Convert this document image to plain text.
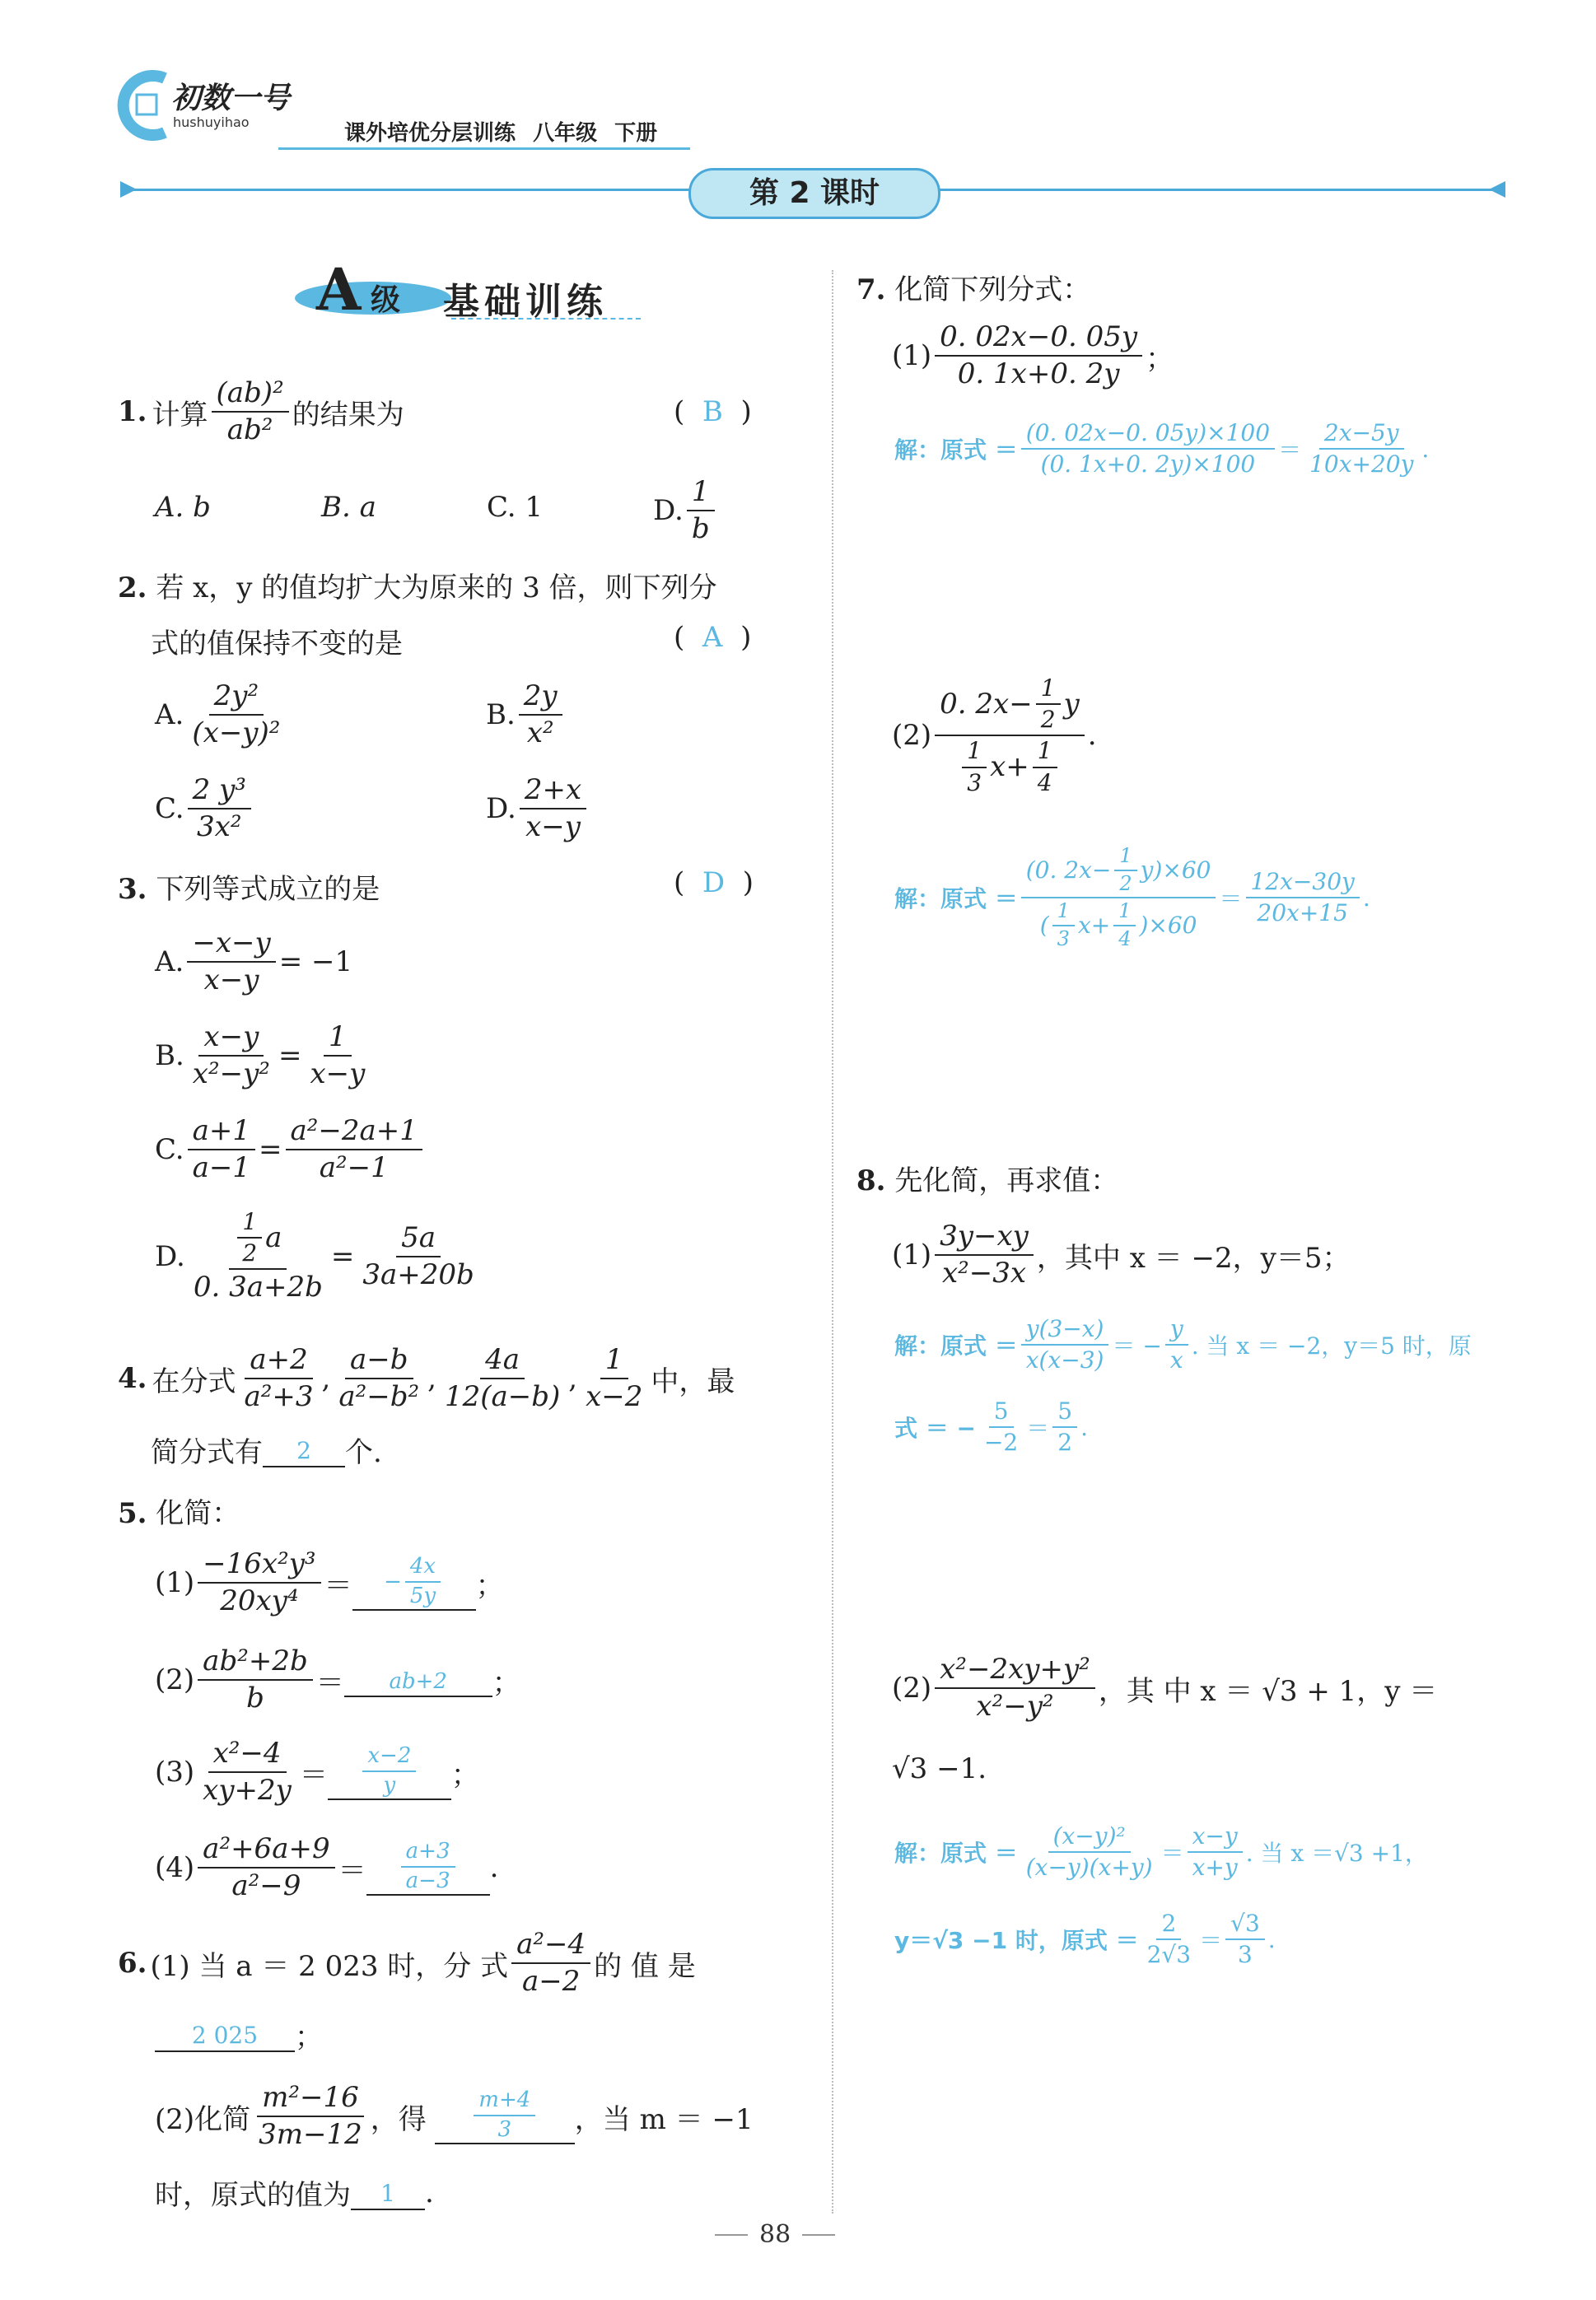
初数一号
hushuyihao	课外培优分层训练 八年级 下册
第 2 课时
A 级 基础训练
1. 计算 $\frac{\text{(ab)²}}{\text{ab²}}$ 的结果为	(  B  )
A. b	B. a	C. 1	D. $\frac{1}{b}$
2. 若 x，y 的值均扩大为原来的 3 倍，则下列分
式的值保持不变的是	(  A  )
A. $\frac{\text{2y²}}{\text{(x−y)²}}$	B. $\frac{2y}{\text{x²}}$
C. $\frac{\text{2 y³}}{\text{3x²}}$	D. $\frac{2+x}{x-y}$
3. 下列等式成立的是	(  D  )
A. $\frac{-x-y}{x-y} = -1$
B. $\frac{x-y}{\text{x²−y²}} = \frac{1}{x-y}$
C. $\frac{a+1}{a-1} = \frac{\text{a²−2a+1}}{\text{a²−1}}$
D. $\frac{\frac{1}{2} a}{0. 3a+2b} = \frac{5a}{3a+20b}$
4. 在分式 $\frac{a+2}{\text{a²+3}}$ , $\frac{a-b}{\text{a²−b²}}$ , $\frac{4a}{12(a-b)}$ , $\frac{1}{x-2}$ 中，最
简分式有	2	个.
5. 化简：
$(1) \frac{\text{−16x²y³}}{\text{20xy⁴}}$ ＝ − $\frac{4x}{5y}$ ；
$(2) \frac{\text{ab²+2b}}{b}$ ＝	ab+2	；
$(3) \frac{\text{x²−4}}{xy+2y} = \frac{x-2}{y}$ ；
$(4) \frac{\text{a²+6a+9}}{\text{a²−9}} = \frac{a+3}{a-3}$ .
6. (1) 当 a ＝ 2 023 时，分 式 $\frac{\text{a²−4}}{a-2}$ 的 值 是
2 025	；
(2)化简 $\frac{\text{m²−16}}{3m-12}$ ，得 $\frac{m+4}{3}$ ，当 m ＝ −1
时，原式的值为	1	.
7. 化简下列分式：
$(1) \frac{0. 02x-0. 05y}{0. 1x+0. 2y}$ ；
解：原式 ＝ $\frac{(0. 02x-0. 05y)\times 100}{(0. 1x+0. 2y)\times 100} = \frac{2x-5y}{10x+20y}$ .
(2)
0. $2x- \frac{1}{2}$ y
$\frac{1}{3} x+ \frac{1}{4}$
.
解：原式 ＝
(0. $2x- \frac{1}{2} y)\times 60$
( $\frac{1}{3} x+ \frac{1}{4} )\times 60$
＝ $\frac{12x-30y}{20x+15}$ .
8. 先化简，再求值：
$(1) \frac{3y-xy}{\text{x²−3x}}$ ，其中 x ＝ −2，y＝5；
解：原式 ＝ $\frac{y(3-x)}{x(x-3)}$ ＝ − $\frac{y}{x}$ . 当 x ＝ −2，y＝5 时，原
式 ＝ − $\frac{5}{-2} = \frac{5}{2}$ .
$(2) \frac{\text{x²−2xy+y²}}{\text{x²−y²}}$ ，其 中 x ＝ √3 + 1，y ＝
√3 −1.
解：原式 ＝ $\frac{\text{(x−y)²}}{(x-y)(x+y)} = \frac{x-y}{x+y}$ . 当 x ＝√3 +1，
y＝√3 −1 时，原式 ＝ $\frac{2}{2√3} = \frac{√3}{3}$ .
88
